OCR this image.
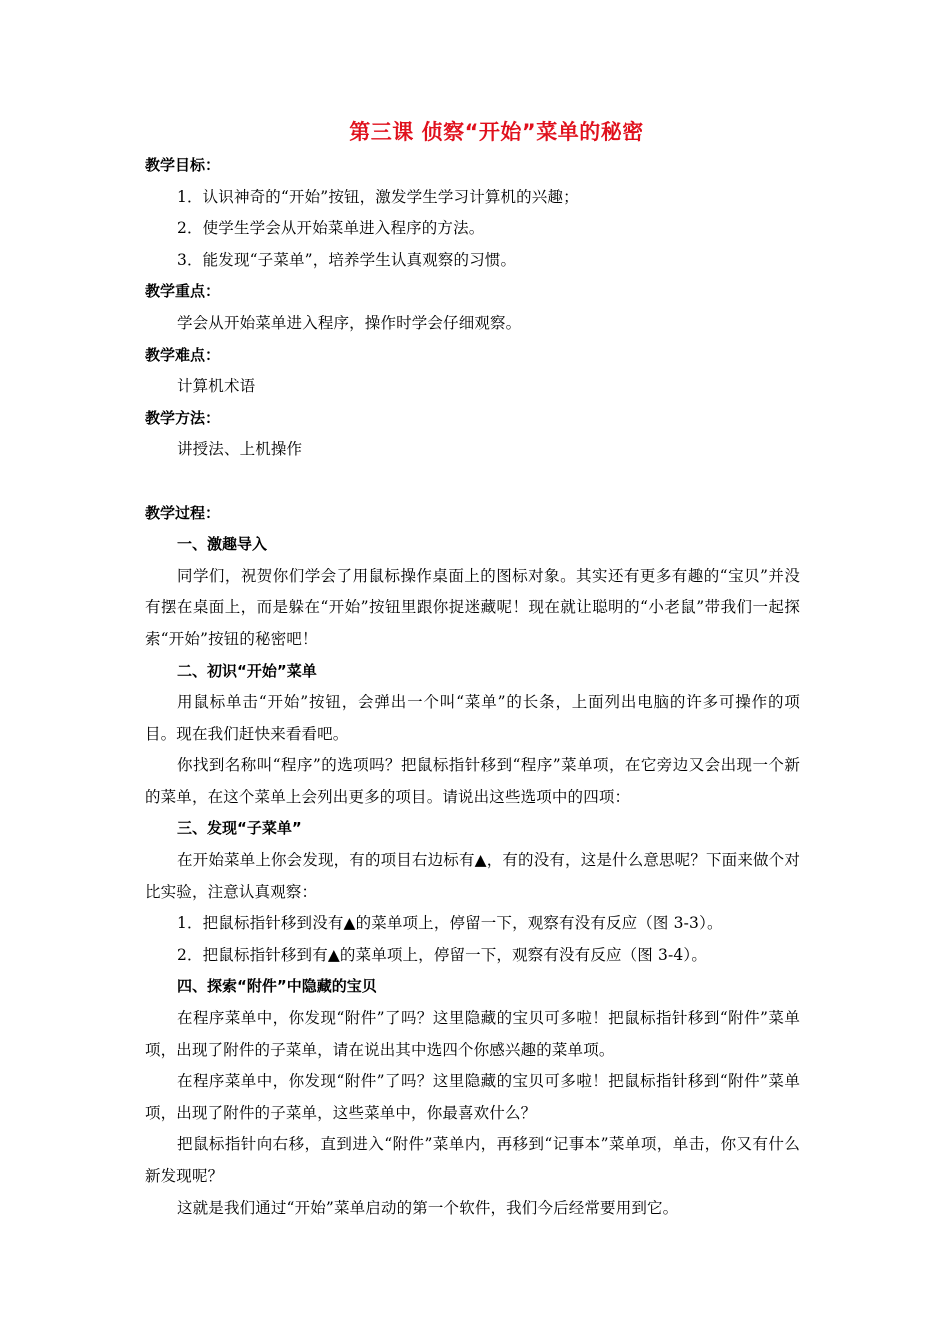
第三课 侦察“开始”菜单的秘密

教学目标：

1．认识神奇的“开始”按钮，激发学生学习计算机的兴趣；

2．使学生学会从开始菜单进入程序的方法。

3．能发现“子菜单”，培养学生认真观察的习惯。

教学重点：

学会从开始菜单进入程序，操作时学会仔细观察。

教学难点：

计算机术语

教学方法：

讲授法、上机操作

教学过程：

一、激趣导入

同学们，祝贺你们学会了用鼠标操作桌面上的图标对象。其实还有更多有趣的“宝贝”并没有摆在桌面上，而是躲在“开始”按钮里跟你捉迷藏呢！现在就让聪明的“小老鼠”带我们一起探索“开始”按钮的秘密吧！

二、初识“开始”菜单

用鼠标单击“开始”按钮，会弹出一个叫“菜单”的长条，上面列出电脑的许多可操作的项目。现在我们赶快来看看吧。

你找到名称叫“程序”的选项吗？把鼠标指针移到“程序”菜单项，在它旁边又会出现一个新的菜单，在这个菜单上会列出更多的项目。请说出这些选项中的四项：

三、发现“子菜单”

在开始菜单上你会发现，有的项目右边标有▲，有的没有，这是什么意思呢？下面来做个对比实验，注意认真观察：

1．把鼠标指针移到没有▲的菜单项上，停留一下，观察有没有反应（图 3-3）。

2．把鼠标指针移到有▲的菜单项上，停留一下，观察有没有反应（图 3-4）。

四、探索“附件”中隐藏的宝贝

在程序菜单中，你发现“附件”了吗？这里隐藏的宝贝可多啦！把鼠标指针移到“附件”菜单项，出现了附件的子菜单，请在说出其中选四个你感兴趣的菜单项。

在程序菜单中，你发现“附件”了吗？这里隐藏的宝贝可多啦！把鼠标指针移到“附件”菜单项，出现了附件的子菜单，这些菜单中，你最喜欢什么？

把鼠标指针向右移，直到进入“附件”菜单内，再移到“记事本”菜单项，单击，你又有什么新发现呢？

这就是我们通过“开始”菜单启动的第一个软件，我们今后经常要用到它。
